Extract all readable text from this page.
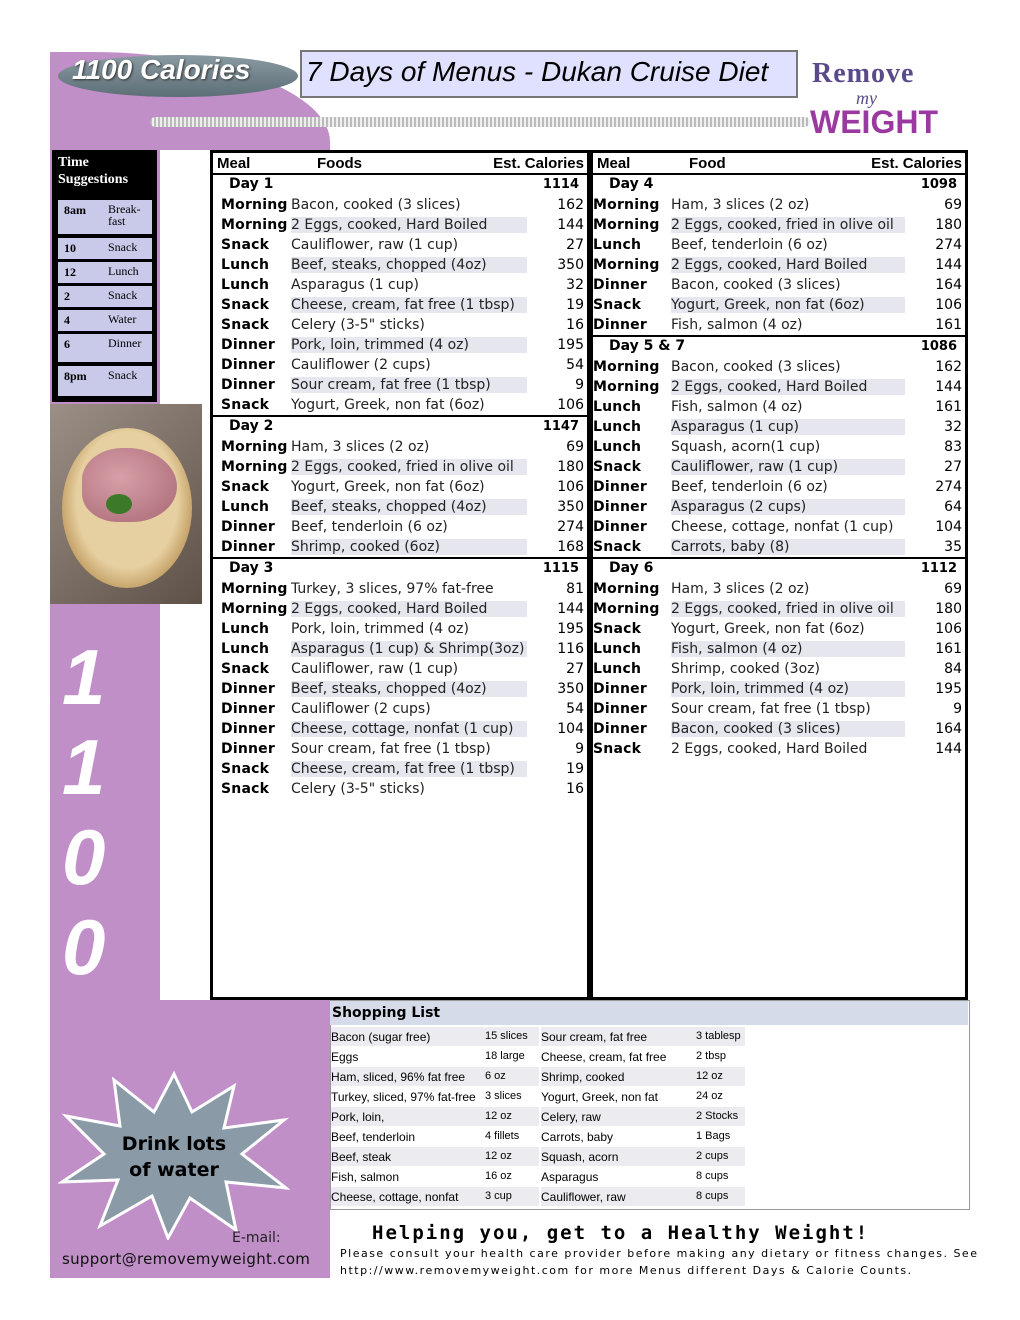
1100 Calories 7 Days of Menus - Dukan Cruise Diet Remove
my
WEIGHT
Time Suggestions
8am Break-fast
10	Snack
12	Lunch
2	Snack
4	Water
6	Dinner
8pm Snack
1
1
0
0
Meal	Foods	Est. Calories
Day 1	1114
Morning Bacon, cooked (3 slices)	162
Morning 2 Eggs, cooked, Hard Boiled	144
Snack Cauliflower, raw (1 cup)	27
Lunch Beef, steaks, chopped (4oz)	350
Lunch Asparagus (1 cup)	32
Snack Cheese, cream, fat free (1 tbsp)	19
Snack Celery (3-5" sticks)	16
Dinner Pork, loin, trimmed (4 oz)	195
Dinner Cauliflower (2 cups)	54
Dinner Sour cream, fat free (1 tbsp)	9
Snack Yogurt, Greek, non fat (6oz)	106
Day 2	1147
Morning Ham, 3 slices (2 oz)	69
Morning 2 Eggs, cooked, fried in olive oil	180
Snack Yogurt, Greek, non fat (6oz)	106
Lunch Beef, steaks, chopped (4oz)	350
Dinner Beef, tenderloin (6 oz)	274
Dinner Shrimp, cooked (6oz)	168
Day 3	1115
Morning Turkey, 3 slices, 97% fat-free	81
Morning 2 Eggs, cooked, Hard Boiled	144
Lunch Pork, loin, trimmed (4 oz)	195
Lunch Asparagus (1 cup) & Shrimp(3oz) 116
Snack Cauliflower, raw (1 cup)	27
Dinner Beef, steaks, chopped (4oz)	350
Dinner Cauliflower (2 cups)	54
Dinner Cheese, cottage, nonfat (1 cup)	104
Dinner Sour cream, fat free (1 tbsp)	9
Snack Cheese, cream, fat free (1 tbsp)	19
Snack Celery (3-5" sticks)	16
Meal	Food	Est. Calories
Day 4	1098
Morning Ham, 3 slices (2 oz)	69
Morning 2 Eggs, cooked, fried in olive oil	180
Lunch Beef, tenderloin (6 oz)	274
Morning 2 Eggs, cooked, Hard Boiled	144
Dinner Bacon, cooked (3 slices)	164
Snack Yogurt, Greek, non fat (6oz)	106
Dinner Fish, salmon (4 oz)	161
Day 5 & 7	1086
Morning Bacon, cooked (3 slices)	162
Morning 2 Eggs, cooked, Hard Boiled	144
Lunch Fish, salmon (4 oz)	161
Lunch Asparagus (1 cup)	32
Lunch Squash, acorn(1 cup)	83
Snack Cauliflower, raw (1 cup)	27
Dinner Beef, tenderloin (6 oz)	274
Dinner Asparagus (2 cups)	64
Dinner Cheese, cottage, nonfat (1 cup)	104
Snack Carrots, baby (8)	35
Day 6	1112
Morning Ham, 3 slices (2 oz)	69
Morning 2 Eggs, cooked, fried in olive oil	180
Snack Yogurt, Greek, non fat (6oz)	106
Lunch Fish, salmon (4 oz)	161
Lunch Shrimp, cooked (3oz)	84
Dinner Pork, loin, trimmed (4 oz)	195
Dinner Sour cream, fat free (1 tbsp)	9
Dinner Bacon, cooked (3 slices)	164
Snack 2 Eggs, cooked, Hard Boiled	144
Shopping List
Bacon (sugar free)	15 slices
Eggs	18 large
Ham, sliced, 96% fat free 6 oz
Turkey, sliced, 97% fat-free 3 slices
Pork, loin,	12 oz
Beef, tenderloin	4 fillets
Beef, steak	12 oz
Fish, salmon	16 oz
Cheese, cottage, nonfat 3 cup
Sour cream, fat free	3 tablesp
Cheese, cream, fat free	2 tbsp
Shrimp, cooked	12 oz
Yogurt, Greek, non fat	24 oz
Celery, raw	2 Stocks
Carrots, baby	1 Bags
Squash, acorn	2 cups
Asparagus	8 cups
Cauliflower, raw	8 cups
Drink lots
of water
E-mail:
support@removemyweight.com
Helping you, get to a Healthy Weight!
Please consult your health care provider before making any dietary or fitness changes. See
http://www.removemyweight.com for more Menus different Days & Calorie Counts.
